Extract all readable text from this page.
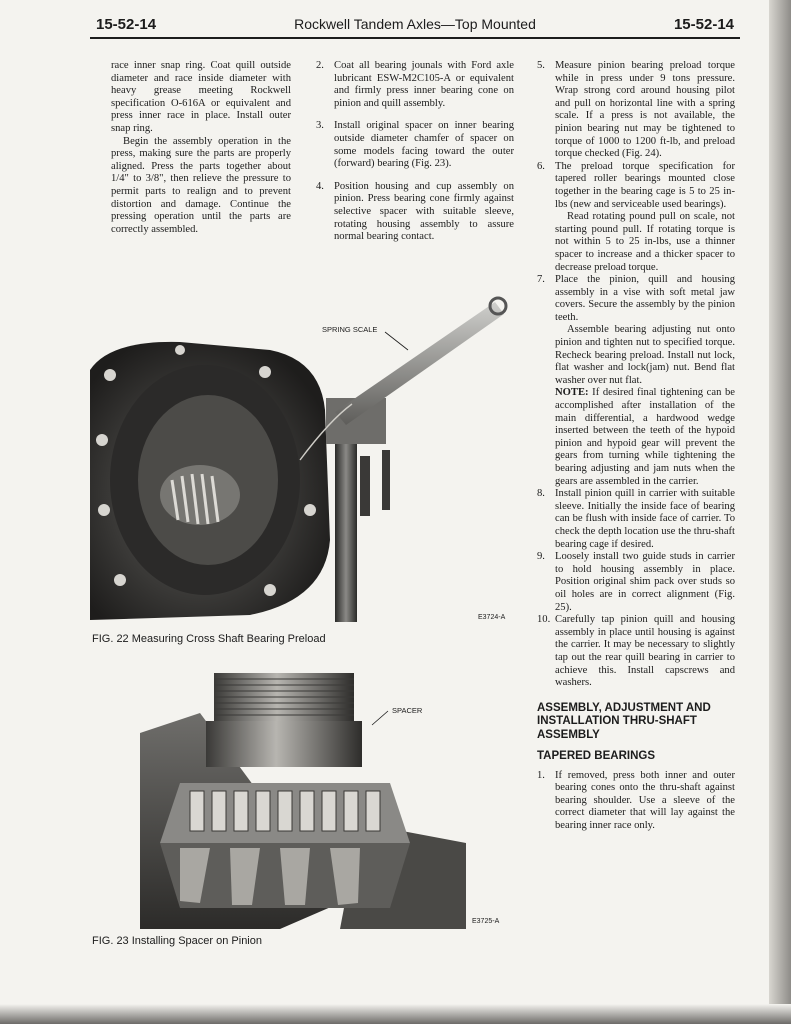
15-52-14	Rockwell Tandem Axles—Top Mounted	15-52-14

race inner snap ring. Coat quill outside diameter and race inside diameter with heavy grease meeting Rockwell specification O-616A or equivalent and press inner race in place. Install outer snap ring.

Begin the assembly operation in the press, making sure the parts are properly aligned. Press the parts together about 1/4" to 3/8", then relieve the pressure to permit parts to realign and to prevent distortion and damage. Continue the pressing operation until the parts are correctly assembled.

2. Coat all bearing jounals with Ford axle lubricant ESW-M2C105-A or equivalent and firmly press inner bearing cone on pinion and quill assembly.
3. Install original spacer on inner bearing outside diameter chamfer of spacer on some models facing toward the outer (forward) bearing (Fig. 23).
4. Position housing and cup assembly on pinion. Press bearing cone firmly against selective spacer with suitable sleeve, rotating housing assembly to assure normal bearing contact.
5. Measure pinion bearing preload torque while in press under 9 tons pressure. Wrap strong cord around housing pilot and pull on horizontal line with a spring scale. If a press is not available, the pinion bearing nut may be tightened to torque of 1000 to 1200 ft-lb, and preload torque checked (Fig. 24).
6. The preload torque specification for tapered roller bearings mounted close together in the bearing cage is 5 to 25 in-lbs (new and serviceable used bearings).

Read rotating pound pull on scale, not starting pound pull. If rotating torque is not within 5 to 25 in-lbs, use a thinner spacer to increase and a thicker spacer to decrease preload torque.

7. Place the pinion, quill and housing assembly in a vise with soft metal jaw covers. Secure the assembly by the pinion teeth.

Assemble bearing adjusting nut onto pinion and tighten nut to specified torque. Recheck bearing preload. Install nut lock, flat washer and lock(jam) nut. Bend flat washer over nut flat.

NOTE: If desired final tightening can be accomplished after installation of the main differential, a hardwood wedge inserted between the teeth of the hypoid pinion and hypoid gear will prevent the gears from turning while tightening the bearing adjusting and jam nuts when the gears are assembled in the carrier.

8. Install pinion quill in carrier with suitable sleeve. Initially the inside face of bearing can be flush with inside face of carrier. To check the depth location use the thru-shaft bearing cage if desired.
9. Loosely install two guide studs in carrier to hold housing assembly in place. Position original shim pack over studs so oil holes are in correct alignment (Fig. 25).
10. Carefully tap pinion quill and housing assembly in place until housing is against the carrier. It may be necessary to slightly tap out the rear quill bearing in carrier to achieve this. Install capscrews and washers.

ASSEMBLY, ADJUSTMENT AND INSTALLATION THRU-SHAFT ASSEMBLY

TAPERED BEARINGS

1. If removed, press both inner and outer bearing cones onto the thru-shaft against bearing shoulder. Use a sleeve of the correct diameter that will lay against the bearing inner race only.
SPRING SCALE
E3724-A
FIG. 22 Measuring Cross Shaft Bearing Preload
SPACER
E3725-A
FIG. 23 Installing Spacer on Pinion
